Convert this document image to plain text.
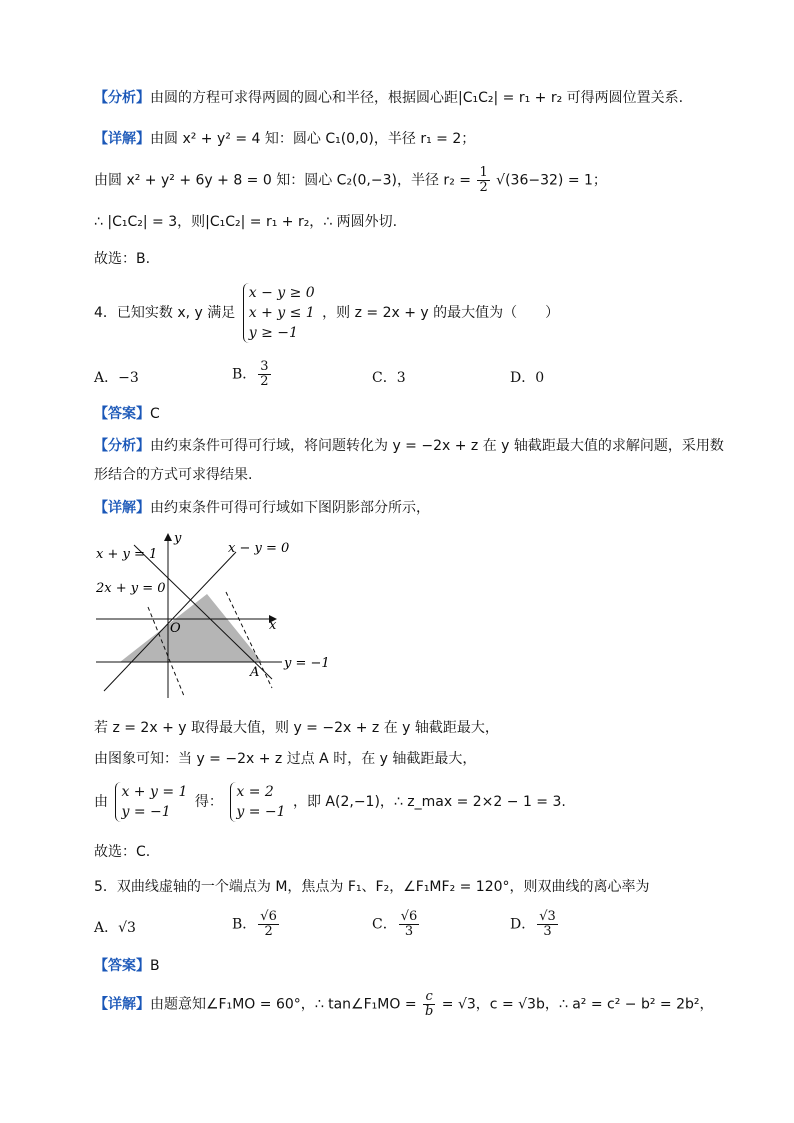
【分析】由圆的方程可求得两圆的圆心和半径，根据圆心距|C₁C₂| = r₁ + r₂ 可得两圆位置关系.
【详解】由圆 x² + y² = 4 知：圆心 C₁(0,0)，半径 r₁ = 2；
由圆 x² + y² + 6y + 8 = 0 知：圆心 C₂(0,−3)，半径 $r_2 = \frac{1}{2} √(36-32) = 1$；
∴ |C₁C₂| = 3，则|C₁C₂| = r₁ + r₂，∴ 两圆外切.
故选：B.
4．已知实数 x, y 满足
x − y ≥ 0
x + y ≤ 1
y ≥ −1
，则 z = 2x + y 的最大值为（　　）
A．−3	B． $\frac{3}{2}$	C．3	D．0
【答案】C
【分析】由约束条件可得可行域，将问题转化为 y = −2x + z 在 y 轴截距最大值的求解问题，采用数
形结合的方式可求得结果.
【详解】由约束条件可得可行域如下图阴影部分所示，
x + y = 1	x − y = 0
2x + y = 0
y = −1
x
y
O
A
若 z = 2x + y 取得最大值，则 y = −2x + z 在 y 轴截距最大，
由图象可知：当 y = −2x + z 过点 A 时，在 y 轴截距最大，
由
x + y = 1
y = −1
得：
x = 2
y = −1
，即 A(2,−1)，∴ z_max = 2×2 − 1 = 3.
故选：C.
5．双曲线虚轴的一个端点为 M，焦点为 F₁、F₂，∠F₁MF₂ = 120°，则双曲线的离心率为
A．√3	B． $\frac{√6}{2}$	C． $\frac{√6}{3}$	D． $\frac{√3}{3}$
【答案】B
【详解】由题意知∠F₁MO = 60°，∴ tan∠F₁MO = $\frac{c}{b} = √3$，c = √3b，∴ a² = c² − b² = 2b²，
